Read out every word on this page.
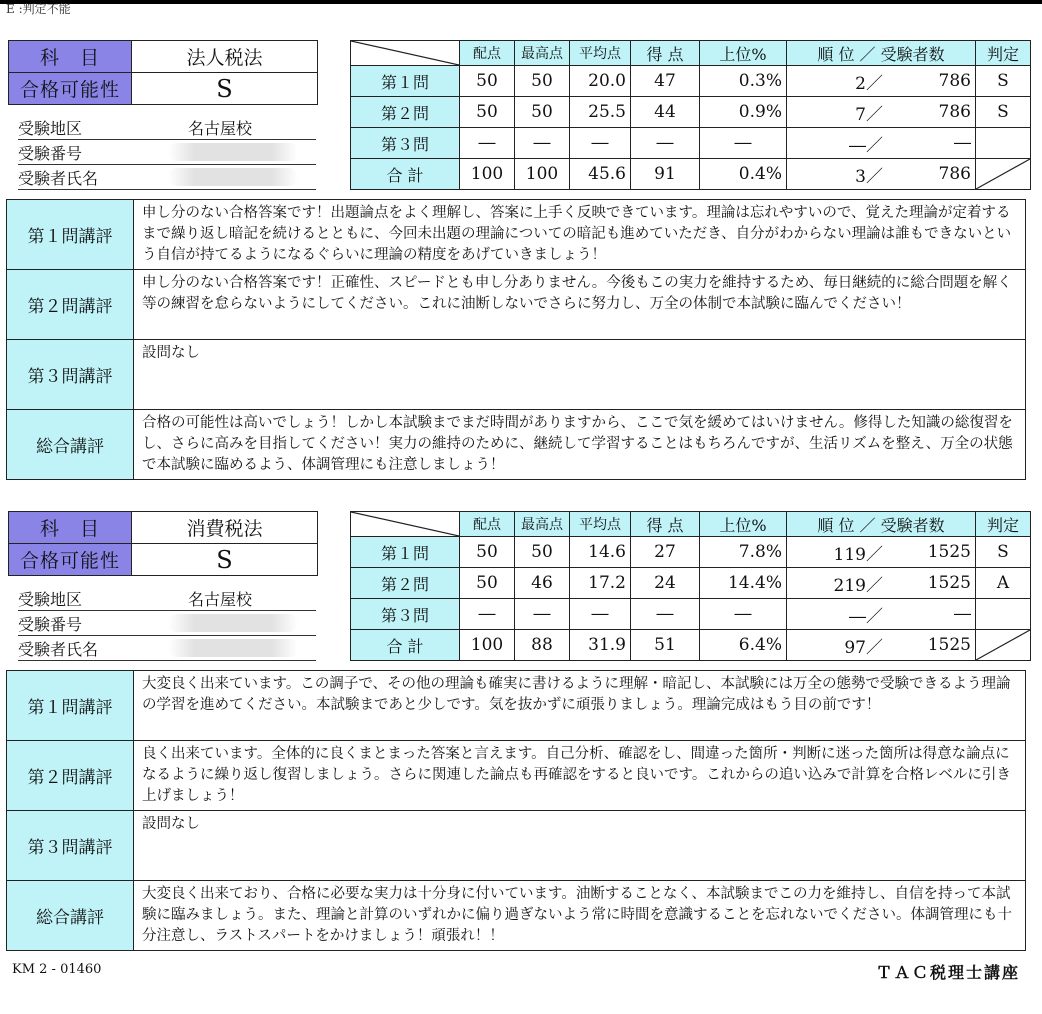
E :判定不能
科　目	法人税法
合格可能性	S
受験地区	名古屋校
受験番号
受験者氏名
	配点	最高点	平均点	得 点	上位%	順 位 ／ 受験者数		判定
第１問	50	50	20.0	47	0.3%	2／	786	S
第２問	50	50	25.5	44	0.9%	7／	786	S
第３問	―	―	―	―	―	―／	―	
合 計	100	100	45.6	91	0.4%	3／	786	
第１問講評
申し分のない合格答案です！出題論点をよく理解し、答案に上手く反映できています。理論は忘れやすいので、覚えた理論が定着するまで繰り返し暗記を続けるとともに、今回未出題の理論についての暗記も進めていただき、自分がわからない理論は誰もできないという自信が持てるようになるぐらいに理論の精度をあげていきましょう！
第２問講評
申し分のない合格答案です！正確性、スピードとも申し分ありません。今後もこの実力を維持するため、毎日継続的に総合問題を解く等の練習を怠らないようにしてください。これに油断しないでさらに努力し、万全の体制で本試験に臨んでください！
第３問講評
設問なし
総合講評
合格の可能性は高いでしょう！しかし本試験までまだ時間がありますから、ここで気を緩めてはいけません。修得した知識の総復習をし、さらに高みを目指してください！実力の維持のために、継続して学習することはもちろんですが、生活リズムを整え、万全の状態で本試験に臨めるよう、体調管理にも注意しましょう！
科　目	消費税法
合格可能性	S
受験地区	名古屋校
受験番号
受験者氏名
	配点	最高点	平均点	得 点	上位%	順 位 ／ 受験者数		判定
第１問	50	50	14.6	27	7.8%	119／	1525	S
第２問	50	46	17.2	24	14.4%	219／	1525	A
第３問	―	―	―	―	―	―／	―	
合 計	100	88	31.9	51	6.4%	97／	1525	
第１問講評
大変良く出来ています。この調子で、その他の理論も確実に書けるように理解・暗記し、本試験には万全の態勢で受験できるよう理論の学習を進めてください。本試験まであと少しです。気を抜かずに頑張りましょう。理論完成はもう目の前です！
第２問講評
良く出来ています。全体的に良くまとまった答案と言えます。自己分析、確認をし、間違った箇所・判断に迷った箇所は得意な論点になるように繰り返し復習しましょう。さらに関連した論点も再確認をすると良いです。これからの追い込みで計算を合格レベルに引き上げましょう！
第３問講評
設問なし
総合講評
大変良く出来ており、合格に必要な実力は十分身に付いています。油断することなく、本試験までこの力を維持し、自信を持って本試験に臨みましょう。また、理論と計算のいずれかに偏り過ぎないよう常に時間を意識することを忘れないでください。体調管理にも十分注意し、ラストスパートをかけましょう！頑張れ！！
KM 2 - 01460	ＴＡＣ税理士講座
